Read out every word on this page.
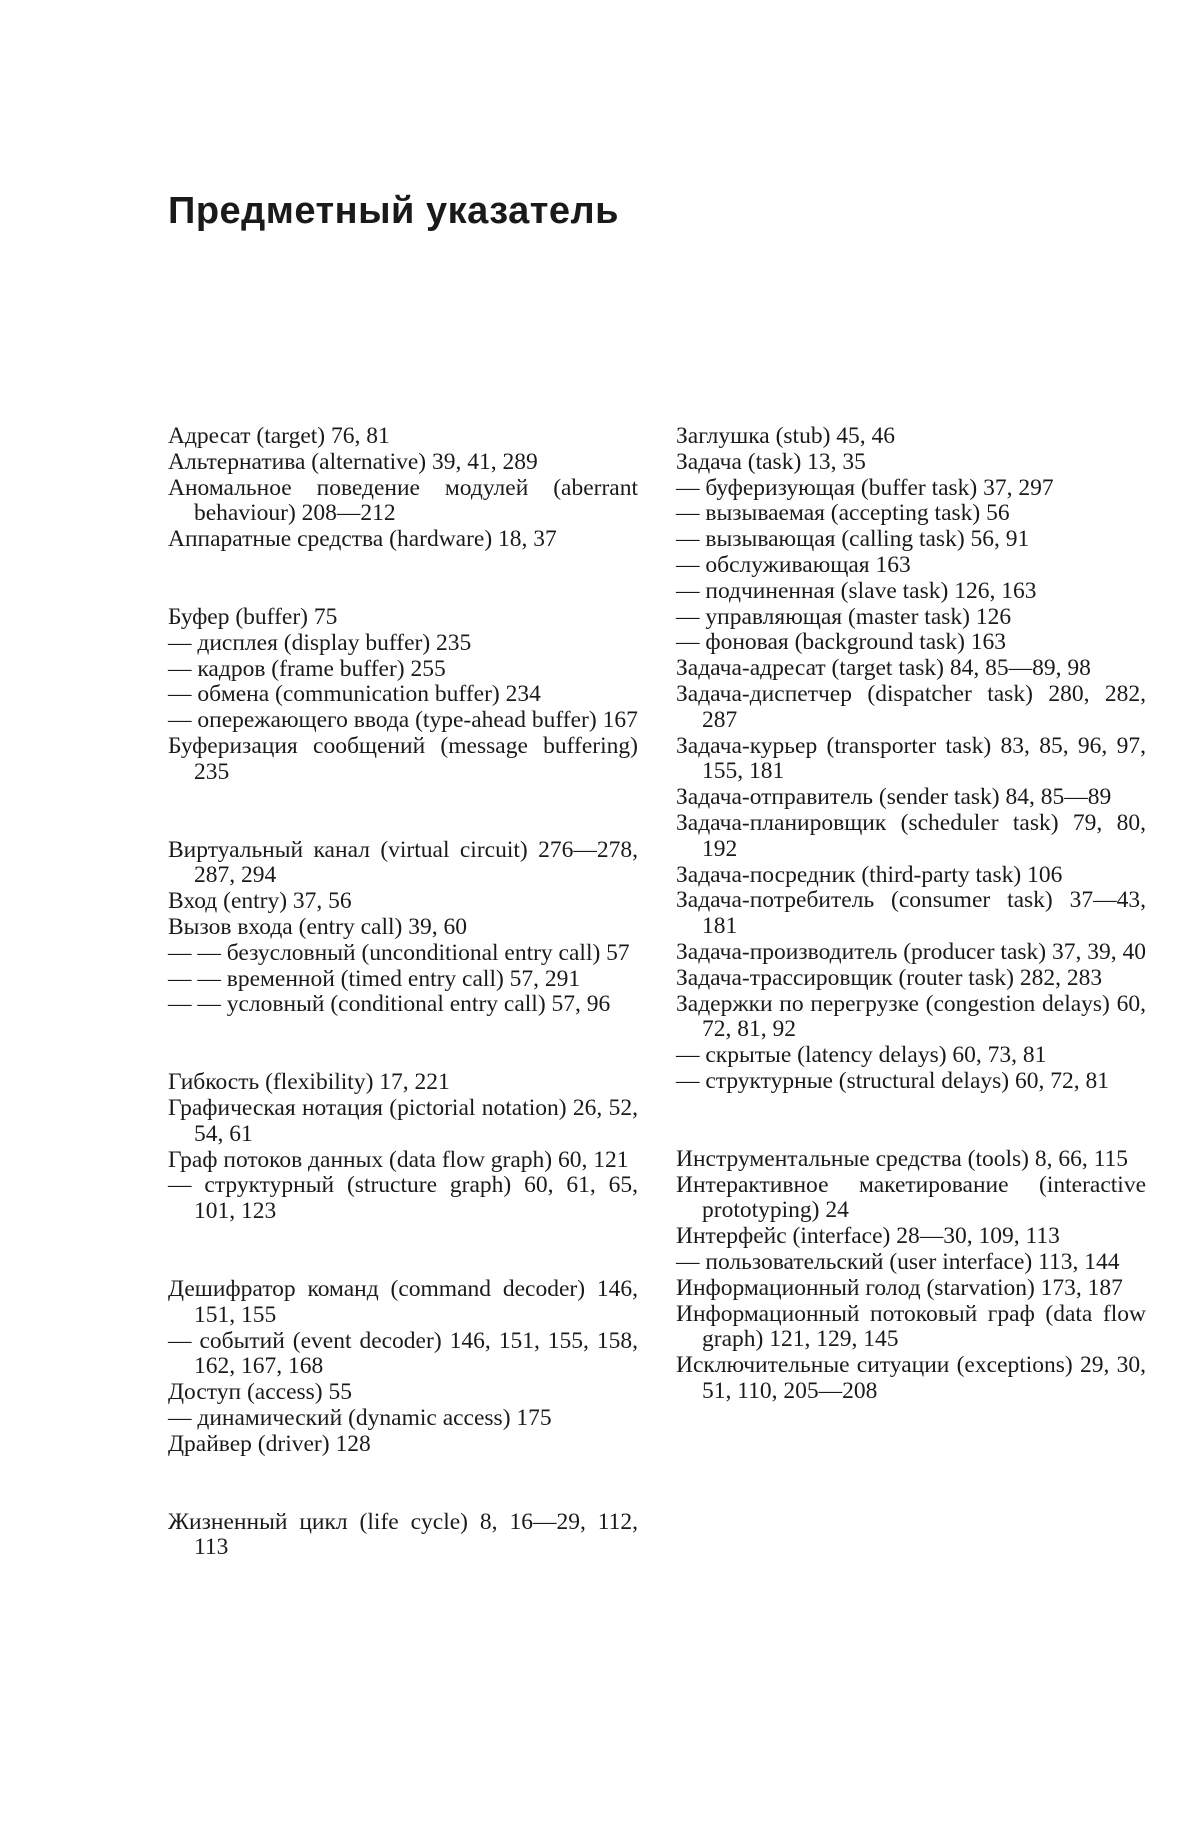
Предметный указатель

Адресат (target) 76, 81

Альтернатива (alternative) 39, 41, 289

Аномальное поведение модулей (aberrant behaviour) 208—212

Аппаратные средства (hardware) 18, 37

Буфер (buffer) 75

— дисплея (display buffer) 235

— кадров (frame buffer) 255

— обмена (communication buffer) 234

— опережающего ввода (type-ahead buffer) 167

Буферизация сообщений (message buffering) 235

Виртуальный канал (virtual circuit) 276—278, 287, 294

Вход (entry) 37, 56

Вызов входа (entry call) 39, 60

— — безусловный (unconditional entry call) 57

— — временной (timed entry call) 57, 291

— — условный (conditional entry call) 57, 96

Гибкость (flexibility) 17, 221

Графическая нотация (pictorial notation) 26, 52, 54, 61

Граф потоков данных (data flow graph) 60, 121

— структурный (structure graph) 60, 61, 65, 101, 123

Дешифратор команд (command decoder) 146, 151, 155

— событий (event decoder) 146, 151, 155, 158, 162, 167, 168

Доступ (access) 55

— динамический (dynamic access) 175

Драйвер (driver) 128

Жизненный цикл (life cycle) 8, 16—29, 112, 113

Заглушка (stub) 45, 46

Задача (task) 13, 35

— буферизующая (buffer task) 37, 297

— вызываемая (accepting task) 56

— вызывающая (calling task) 56, 91

— обслуживающая 163

— подчиненная (slave task) 126, 163

— управляющая (master task) 126

— фоновая (background task) 163

Задача-адресат (target task) 84, 85—89, 98

Задача-диспетчер (dispatcher task) 280, 282, 287

Задача-курьер (transporter task) 83, 85, 96, 97, 155, 181

Задача-отправитель (sender task) 84, 85—89

Задача-планировщик (scheduler task) 79, 80, 192

Задача-посредник (third-party task) 106

Задача-потребитель (consumer task) 37—43, 181

Задача-производитель (producer task) 37, 39, 40

Задача-трассировщик (router task) 282, 283

Задержки по перегрузке (congestion delays) 60, 72, 81, 92

— скрытые (latency delays) 60, 73, 81

— структурные (structural delays) 60, 72, 81

Инструментальные средства (tools) 8, 66, 115

Интерактивное макетирование (interactive prototyping) 24

Интерфейс (interface) 28—30, 109, 113

— пользовательский (user interface) 113, 144

Информационный голод (starvation) 173, 187

Информационный потоковый граф (data flow graph) 121, 129, 145

Исключительные ситуации (exceptions) 29, 30, 51, 110, 205—208
